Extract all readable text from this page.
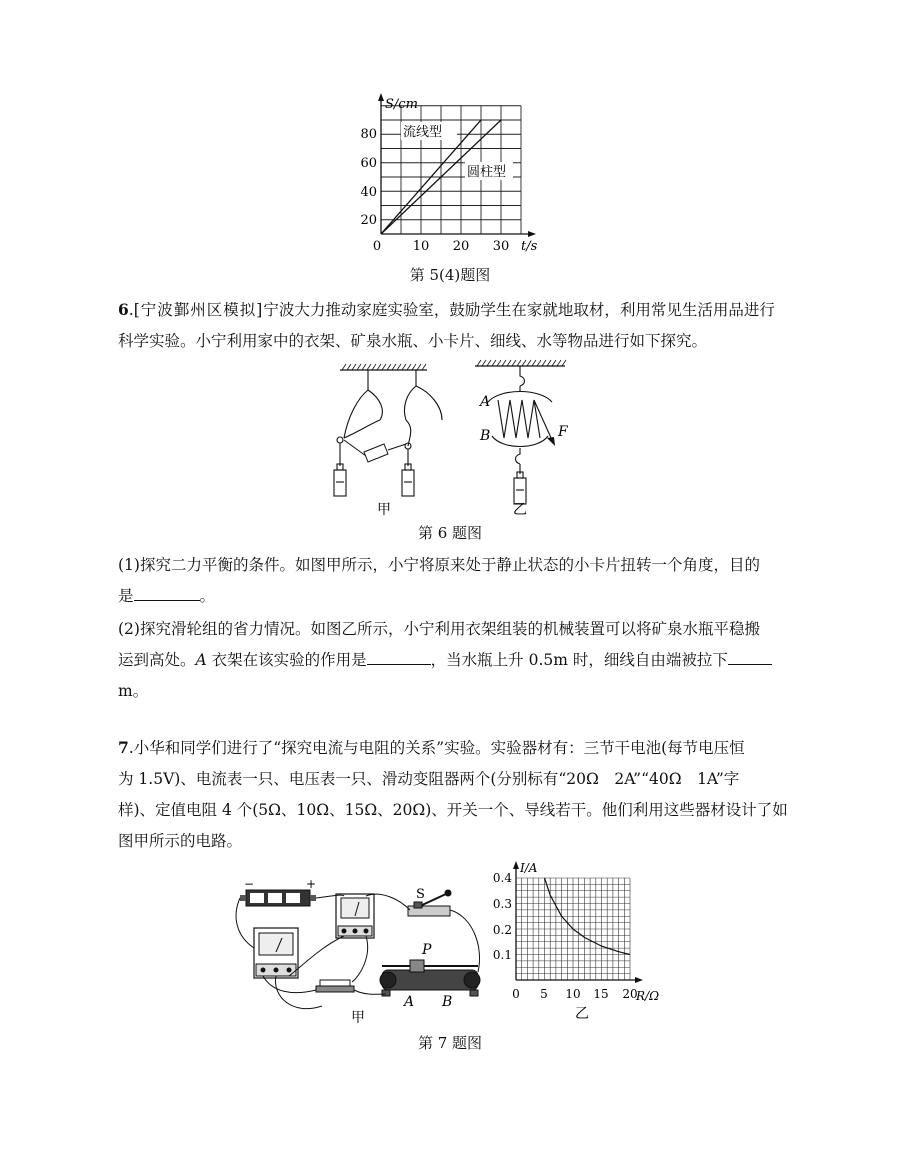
S/cm
t/s
0
20
40
60
80
10 20 30
流线型
圆柱型
第 5(4)题图
6.[宁波鄞州区模拟]宁波大力推动家庭实验室，鼓励学生在家就地取材，利用常见生活用品进行
科学实验。小宁利用家中的衣架、矿泉水瓶、小卡片、细线、水等物品进行如下探究。
甲
A
B	F
乙
第 6 题图
(1)探究二力平衡的条件。如图甲所示，小宁将原来处于静止状态的小卡片扭转一个角度，目的
是	。
(2)探究滑轮组的省力情况。如图乙所示，小宁利用衣架组装的机械装置可以将矿泉水瓶平稳搬
运到高处。A 衣架在该实验的作用是	，当水瓶上升 0.5m 时，细线自由端被拉下
m。
7.小华和同学们进行了“探究电流与电阻的关系”实验。实验器材有：三节干电池(每节电压恒
为 1.5V)、电流表一只、电压表一只、滑动变阻器两个(分别标有“20Ω　2A”“40Ω　1A”字
样)、定值电阻 4 个(5Ω、10Ω、15Ω、20Ω)、开关一个、导线若干。他们利用这些器材设计了如
图甲所示的电路。
−	+
S
P
A B
甲
I/A
R/Ω
0
0.1
0.2
0.3
0.4
5 10 15 20
乙
第 7 题图
